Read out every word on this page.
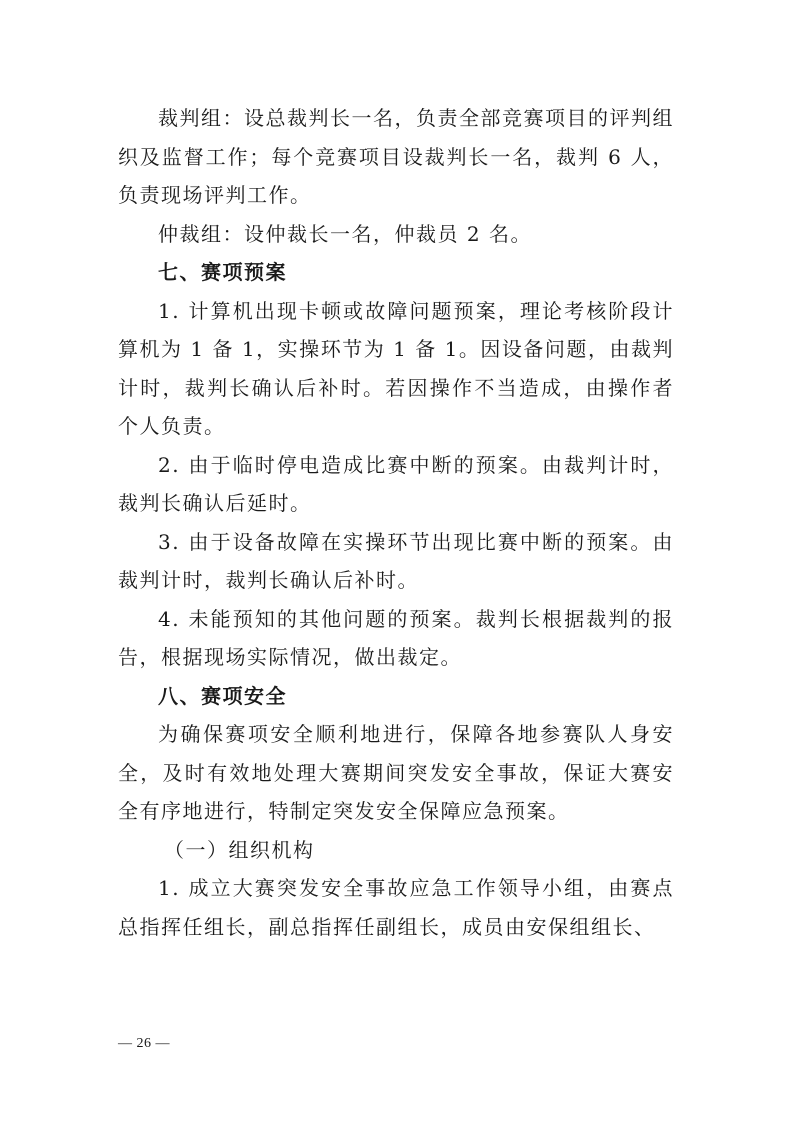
裁判组：设总裁判长一名，负责全部竞赛项目的评判组织及监督工作；每个竞赛项目设裁判长一名，裁判 6 人，负责现场评判工作。

仲裁组：设仲裁长一名，仲裁员 2 名。

七、赛项预案

1. 计算机出现卡顿或故障问题预案，理论考核阶段计算机为 1 备 1，实操环节为 1 备 1。因设备问题，由裁判计时，裁判长确认后补时。若因操作不当造成，由操作者个人负责。

2. 由于临时停电造成比赛中断的预案。由裁判计时，裁判长确认后延时。

3. 由于设备故障在实操环节出现比赛中断的预案。由裁判计时，裁判长确认后补时。

4. 未能预知的其他问题的预案。裁判长根据裁判的报告，根据现场实际情况，做出裁定。

八、赛项安全

为确保赛项安全顺利地进行，保障各地参赛队人身安全，及时有效地处理大赛期间突发安全事故，保证大赛安全有序地进行，特制定突发安全保障应急预案。

（一）组织机构

1. 成立大赛突发安全事故应急工作领导小组，由赛点总指挥任组长，副总指挥任副组长，成员由安保组组长、

— 26 —
